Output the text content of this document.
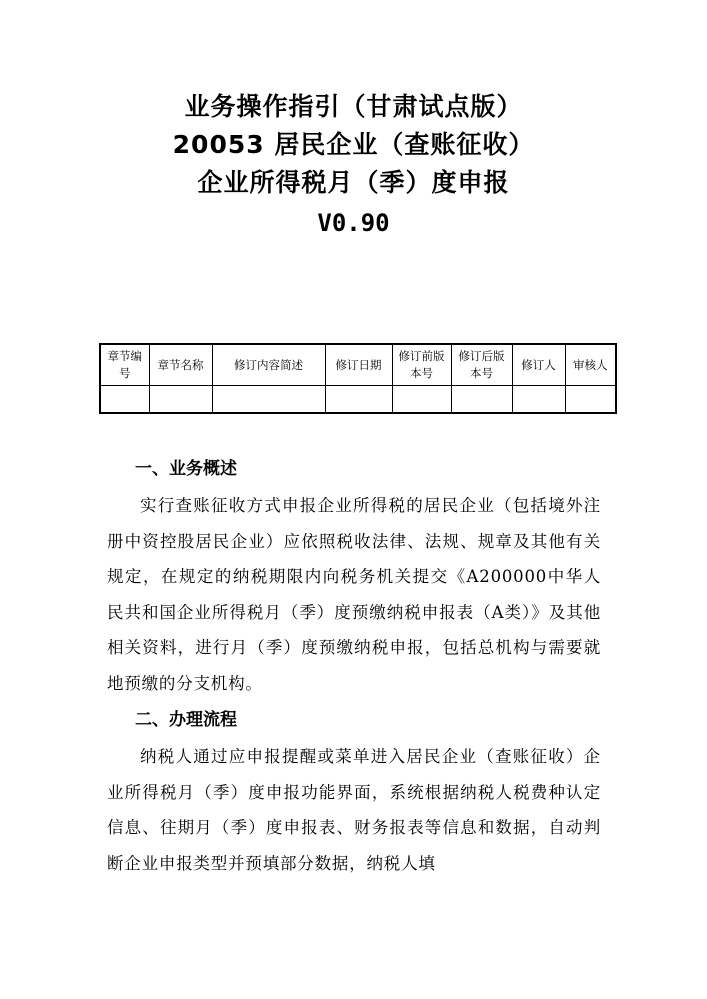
业务操作指引（甘肃试点版）
20053 居民企业（查账征收）
企业所得税月（季）度申报
V0.90
章节编号	章节名称	修订内容简述	修订日期	修订前版本号	修订后版本号	修订人	审核人

一、业务概述

实行查账征收方式申报企业所得税的居民企业（包括境外注册中资控股居民企业）应依照税收法律、法规、规章及其他有关规定，在规定的纳税期限内向税务机关提交《A200000中华人民共和国企业所得税月（季）度预缴纳税申报表（A类）》及其他相关资料，进行月（季）度预缴纳税申报，包括总机构与需要就地预缴的分支机构。

二、办理流程

纳税人通过应申报提醒或菜单进入居民企业（查账征收）企业所得税月（季）度申报功能界面，系统根据纳税人税费种认定信息、往期月（季）度申报表、财务报表等信息和数据，自动判断企业申报类型并预填部分数据，纳税人填
